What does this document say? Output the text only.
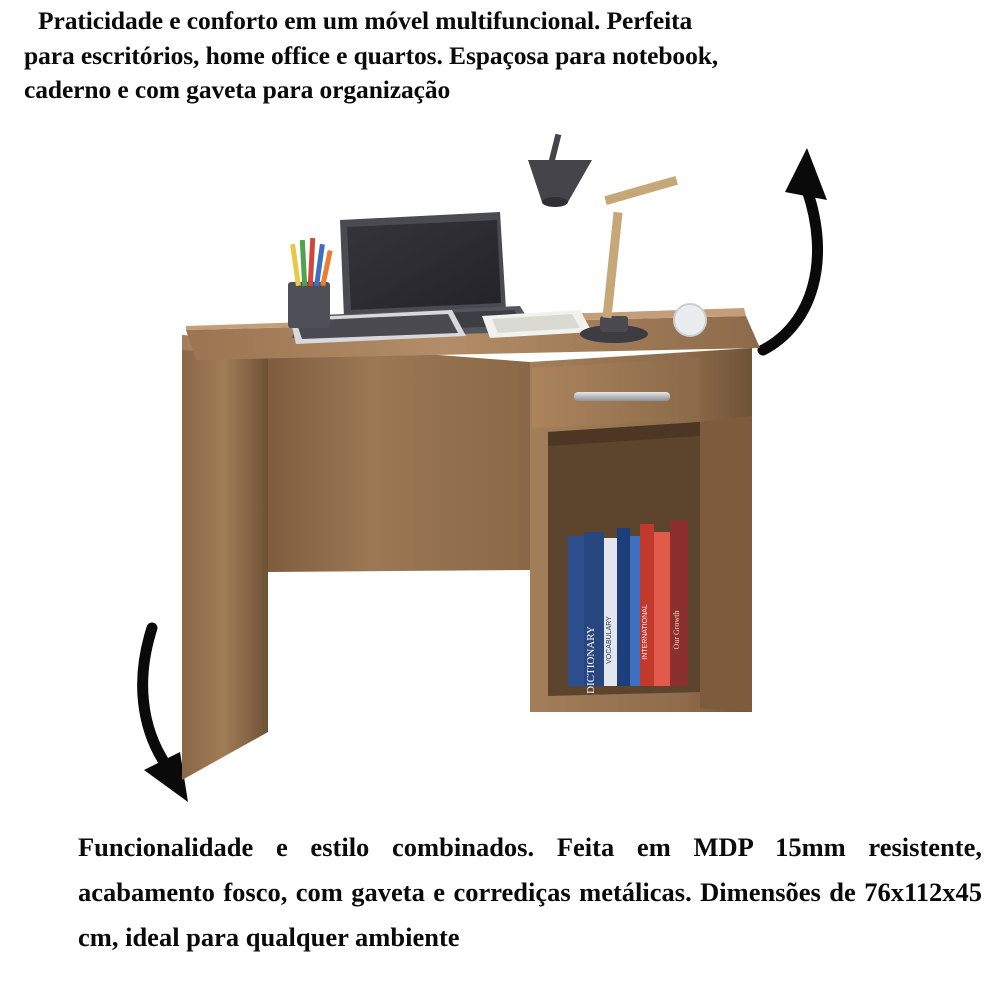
Praticidade e conforto em um móvel multifuncional. Perfeita para escritórios, home office e quartos. Espaçosa para notebook, caderno e com gaveta para organização
DICTIONARY VOCABULARY	INTERNATIONAL	Our Growth
Funcionalidade e estilo combinados. Feita em MDP 15mm resistente, acabamento fosco, com gaveta e corrediças metálicas. Dimensões de 76x112x45 cm, ideal para qualquer ambiente
